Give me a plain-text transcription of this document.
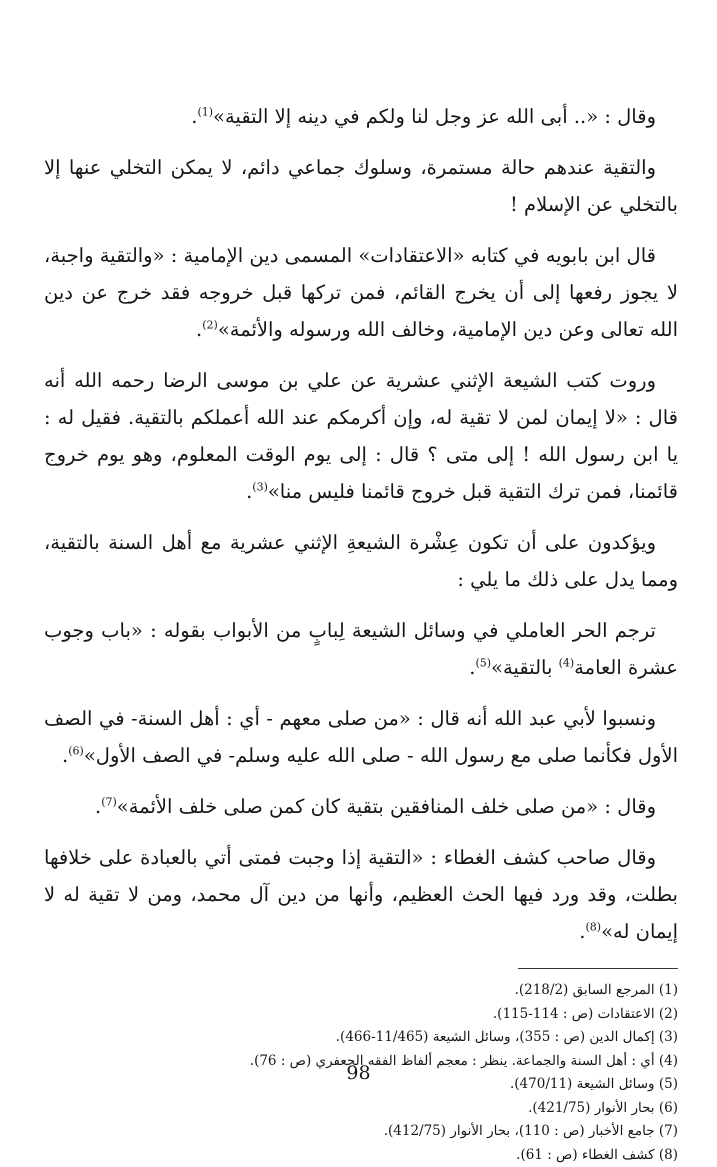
وقال : «.. أبى الله عز وجل لنا ولكم في دينه إلا التقية»$^{(1)}$.

والتقية عندهم حالة مستمرة، وسلوك جماعي دائم، لا يمكن التخلي عنها إلا بالتخلي عن الإسلام !

قال ابن بابويه في كتابه «الاعتقادات» المسمى دين الإمامية : «والتقية واجبة، لا يجوز رفعها إلى أن يخرج القائم، فمن تركها قبل خروجه فقد خرج عن دين الله تعالى وعن دين الإمامية، وخالف الله ورسوله والأئمة»$^{(2)}$.

وروت كتب الشيعة الإثني عشرية عن علي بن موسى الرضا رحمه الله أنه قال : «لا إيمان لمن لا تقية له، وإن أكرمكم عند الله أعملكم بالتقية. فقيل له : يا ابن رسول الله ! إلى متى ؟ قال : إلى يوم الوقت المعلوم، وهو يوم خروج قائمنا، فمن ترك التقية قبل خروج قائمنا فليس منا»$^{(3)}$.

ويؤكدون على أن تكون عِشْرة الشيعةِ الإثني عشرية مع أهل السنة بالتقية، ومما يدل على ذلك ما يلي :

ترجم الحر العاملي في وسائل الشيعة لِبابٍ من الأبواب بقوله : «باب وجوب عشرة العامة$^{(4)}$ بالتقية»$^{(5)}$.

ونسبوا لأبي عبد الله أنه قال : «من صلى معهم - أي : أهل السنة- في الصف الأول فكأنما صلى مع رسول الله - صلى الله عليه وسلم- في الصف الأول»$^{(6)}$.

وقال : «من صلى خلف المنافقين بتقية كان كمن صلى خلف الأئمة»$^{(7)}$.

وقال صاحب كشف الغطاء : «التقية إذا وجبت فمتى أتي بالعبادة على خلافها بطلت، وقد ورد فيها الحث العظيم، وأنها من دين آل محمد، ومن لا تقية له لا إيمان له»$^{(8)}$.

(1) المرجع السابق (218/2).

(2) الاعتقادات (ص : 114-115).

(3) إكمال الدين (ص : 355)، وسائل الشيعة (11/465-466).

(4) أي : أهل السنة والجماعة. ينظر : معجم ألفاظ الفقه الجعفري (ص : 76).

(5) وسائل الشيعة (470/11).

(6) بحار الأنوار (421/75).

(7) جامع الأخبار (ص : 110)، بحار الأنوار (412/75).

(8) كشف الغطاء (ص : 61).

98
